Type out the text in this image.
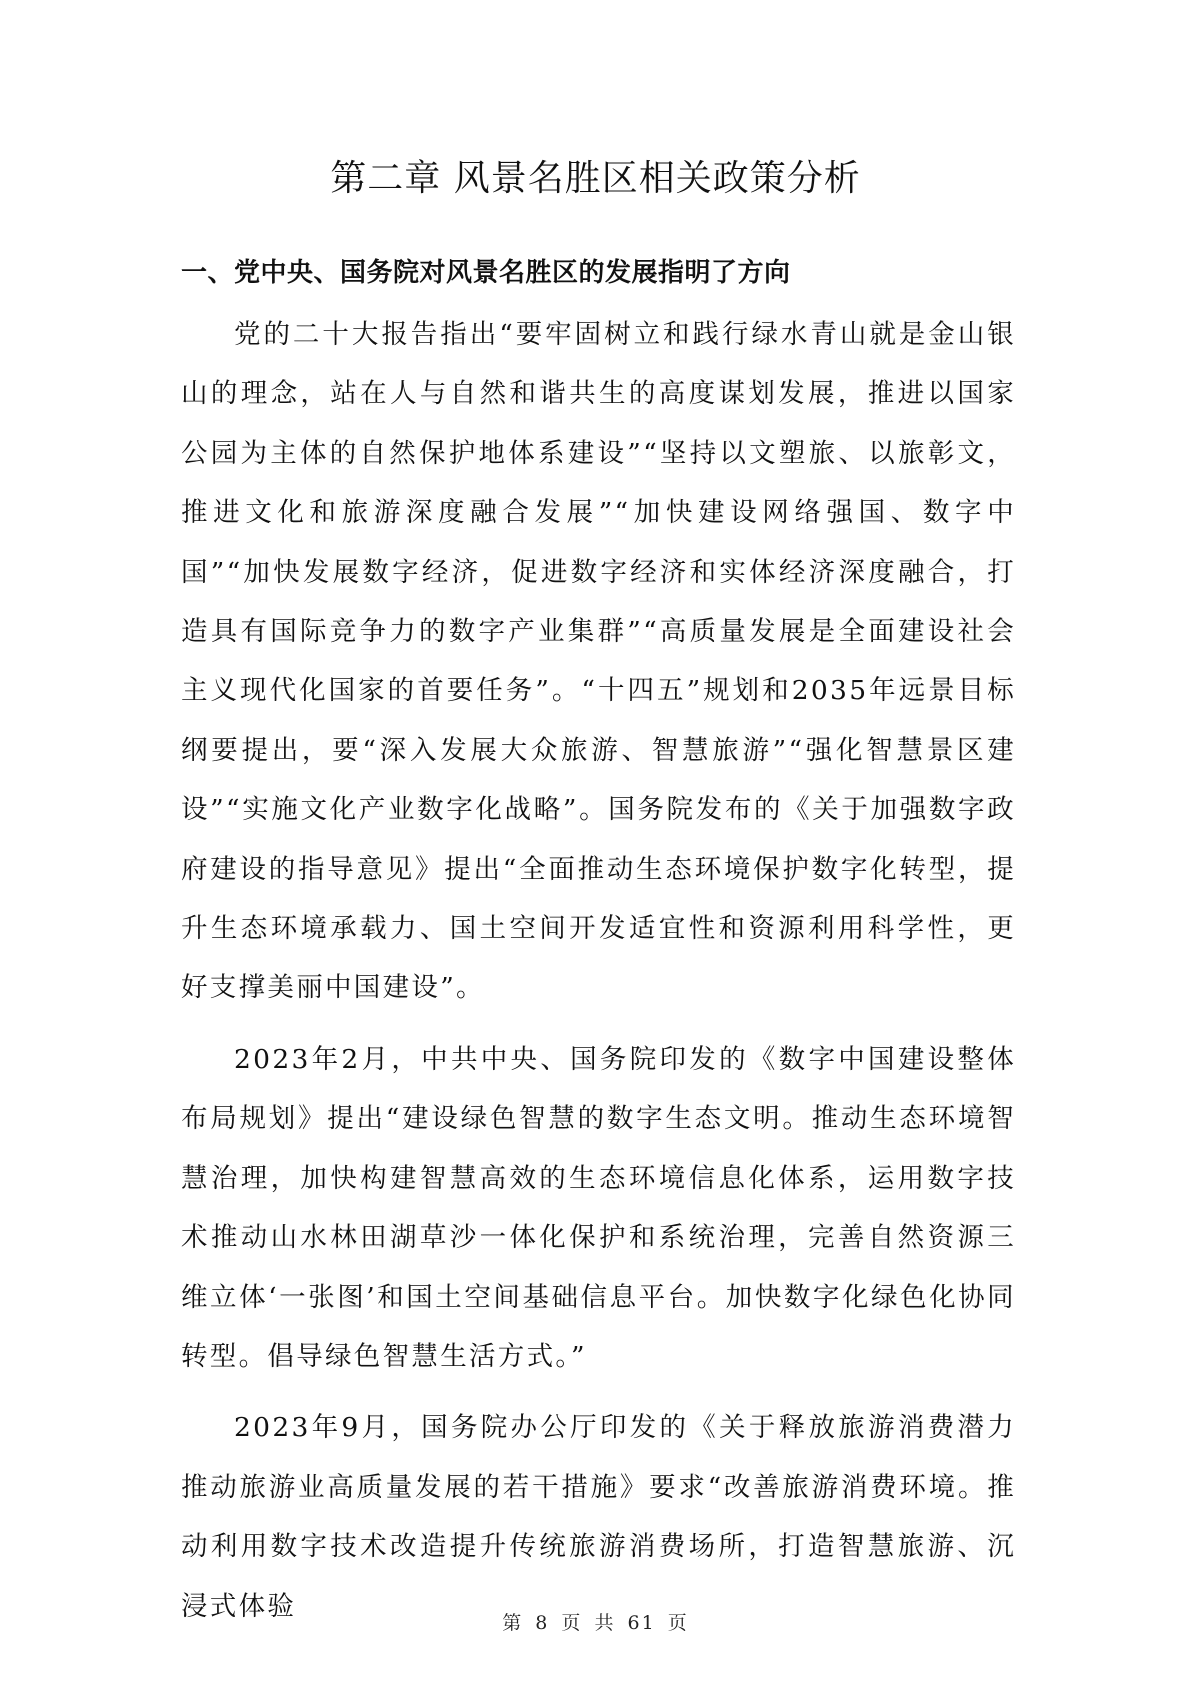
第二章 风景名胜区相关政策分析
一、党中央、国务院对风景名胜区的发展指明了方向

党的二十大报告指出“要牢固树立和践行绿水青山就是金山银山的理念，站在人与自然和谐共生的高度谋划发展，推进以国家公园为主体的自然保护地体系建设”“坚持以文塑旅、以旅彰文，推进文化和旅游深度融合发展”“加快建设网络强国、数字中国”“加快发展数字经济，促进数字经济和实体经济深度融合，打造具有国际竞争力的数字产业集群”“高质量发展是全面建设社会主义现代化国家的首要任务”。“十四五”规划和2035年远景目标纲要提出，要“深入发展大众旅游、智慧旅游”“强化智慧景区建设”“实施文化产业数字化战略”。国务院发布的《关于加强数字政府建设的指导意见》提出“全面推动生态环境保护数字化转型，提升生态环境承载力、国土空间开发适宜性和资源利用科学性，更好支撑美丽中国建设”。

2023年2月，中共中央、国务院印发的《数字中国建设整体布局规划》提出“建设绿色智慧的数字生态文明。推动生态环境智慧治理，加快构建智慧高效的生态环境信息化体系，运用数字技术推动山水林田湖草沙一体化保护和系统治理，完善自然资源三维立体‘一张图’和国土空间基础信息平台。加快数字化绿色化协同转型。倡导绿色智慧生活方式。”

2023年9月，国务院办公厅印发的《关于释放旅游消费潜力推动旅游业高质量发展的若干措施》要求“改善旅游消费环境。推动利用数字技术改造提升传统旅游消费场所，打造智慧旅游、沉浸式体验

第 8 页 共 61 页
